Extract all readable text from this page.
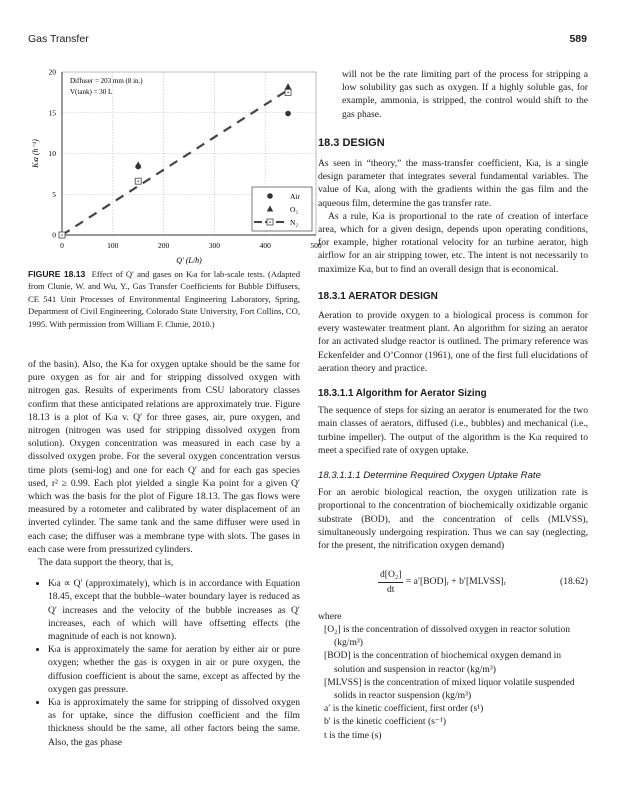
Gas Transfer	589
0	100	200	300	400	500
0
5
10
15
20
Q′ (L/h)
Kₗa (h⁻¹)
Diffuser = 203 mm (8 in.)
V(tank) = 30 L
Air
O₂
N₂
FIGURE 18.13 Effect of Q′ and gases on Kₗa for lab-scale tests. (Adapted from Clunie, W. and Wu, Y., Gas Transfer Coefficients for Bubble Diffusers, CE 541 Unit Processes of Environmental Engineering Laboratory, Spring, Department of Civil Engineering, Colorado State University, Fort Collins, CO, 1995. With permission from William F. Clunie, 2010.)

of the basin). Also, the Kₗa for oxygen uptake should be the same for pure oxygen as for air and for stripping dissolved oxygen with nitrogen gas. Results of experiments from CSU laboratory classes confirm that these anticipated relations are approximately true. Figure 18.13 is a plot of Kₗa v. Q′ for three gases, air, pure oxygen, and nitrogen (nitrogen was used for stripping dissolved oxygen from solution). Oxygen concentration was measured in each case by a dissolved oxygen probe. For the several oxygen concentration versus time plots (semi-log) and one for each Q′ and for each gas species used, r² ≥ 0.99. Each plot yielded a single Kₗa point for a given Q′ which was the basis for the plot of Figure 18.13. The gas flows were measured by a rotometer and calibrated by water displacement of an inverted cylinder. The same tank and the same diffuser were used in each case; the diffuser was a membrane type with slots. The gases in each case were from pressurized cylinders.

The data support the theory, that is,

• Kₗa ∝ Q′ (approximately), which is in accordance with Equation 18.45, except that the bubble–water boundary layer is reduced as Q′ increases and the velocity of the bubble increases as Q′ increases, each of which will have offsetting effects (the magnitude of each is not known).
• Kₗa is approximately the same for aeration by either air or pure oxygen; whether the gas is oxygen in air or pure oxygen, the diffusion coefficient is about the same, except as affected by the oxygen gas pressure.
• Kₗa is approximately the same for stripping of dissolved oxygen as for uptake, since the diffusion coefficient and the film thickness should be the same, all other factors being the same. Also, the gas phase

will not be the rate limiting part of the process for stripping a low solubility gas such as oxygen. If a highly soluble gas, for example, ammonia, is stripped, the control would shift to the gas phase.

18.3 DESIGN

As seen in “theory,” the mass-transfer coefficient, Kₗa, is a single design parameter that integrates several fundamental variables. The value of Kₗa, along with the gradients within the gas film and the aqueous film, determine the gas transfer rate.

As a rule, Kₗa is proportional to the rate of creation of interface area, which for a given design, depends upon operating conditions, for example, higher rotational velocity for an turbine aerator, high airflow for an air stripping tower, etc. The intent is not necessarily to maximize Kₗa, but to find an overall design that is economical.

18.3.1 AERATOR DESIGN

Aeration to provide oxygen to a biological process is common for every wastewater treatment plant. An algorithm for sizing an aerator for an activated sludge reactor is outlined. The primary reference was Eckenfelder and O’Connor (1961), one of the first full elucidations of aeration theory and practice.

18.3.1.1 Algorithm for Aerator Sizing

The sequence of steps for sizing an aerator is enumerated for the two main classes of aerators, diffused (i.e., bubbles) and mechanical (i.e., turbine impeller). The output of the algorithm is the Kₗa required to meet a specified rate of oxygen uptake.

18.3.1.1.1 Determine Required Oxygen Uptake Rate

For an aerobic biological reaction, the oxygen utilization rate is proportional to the concentration of biochemically oxidizable organic substrate (BOD), and the concentration of cells (MLVSS), simultaneously undergoing respiration. Thus we can say (neglecting, for the present, the nitrification oxygen demand)

$\frac{\text{d[O₂]}}{dt}$ = a′[BOD]ᵣ + b′[MLVSS]ᵣ	(18.62)

where

[O₂] is the concentration of dissolved oxygen in reactor solution (kg/m³)
[BOD] is the concentration of biochemical oxygen demand in solution and suspension in reactor (kg/m³)
[MLVSS] is the concentration of mixed liquor volatile suspended solids in reactor suspension (kg/m³)
a′ is the kinetic coefficient, first order (s¹)
b′ is the kinetic coefficient (s⁻¹)
t is the time (s)
